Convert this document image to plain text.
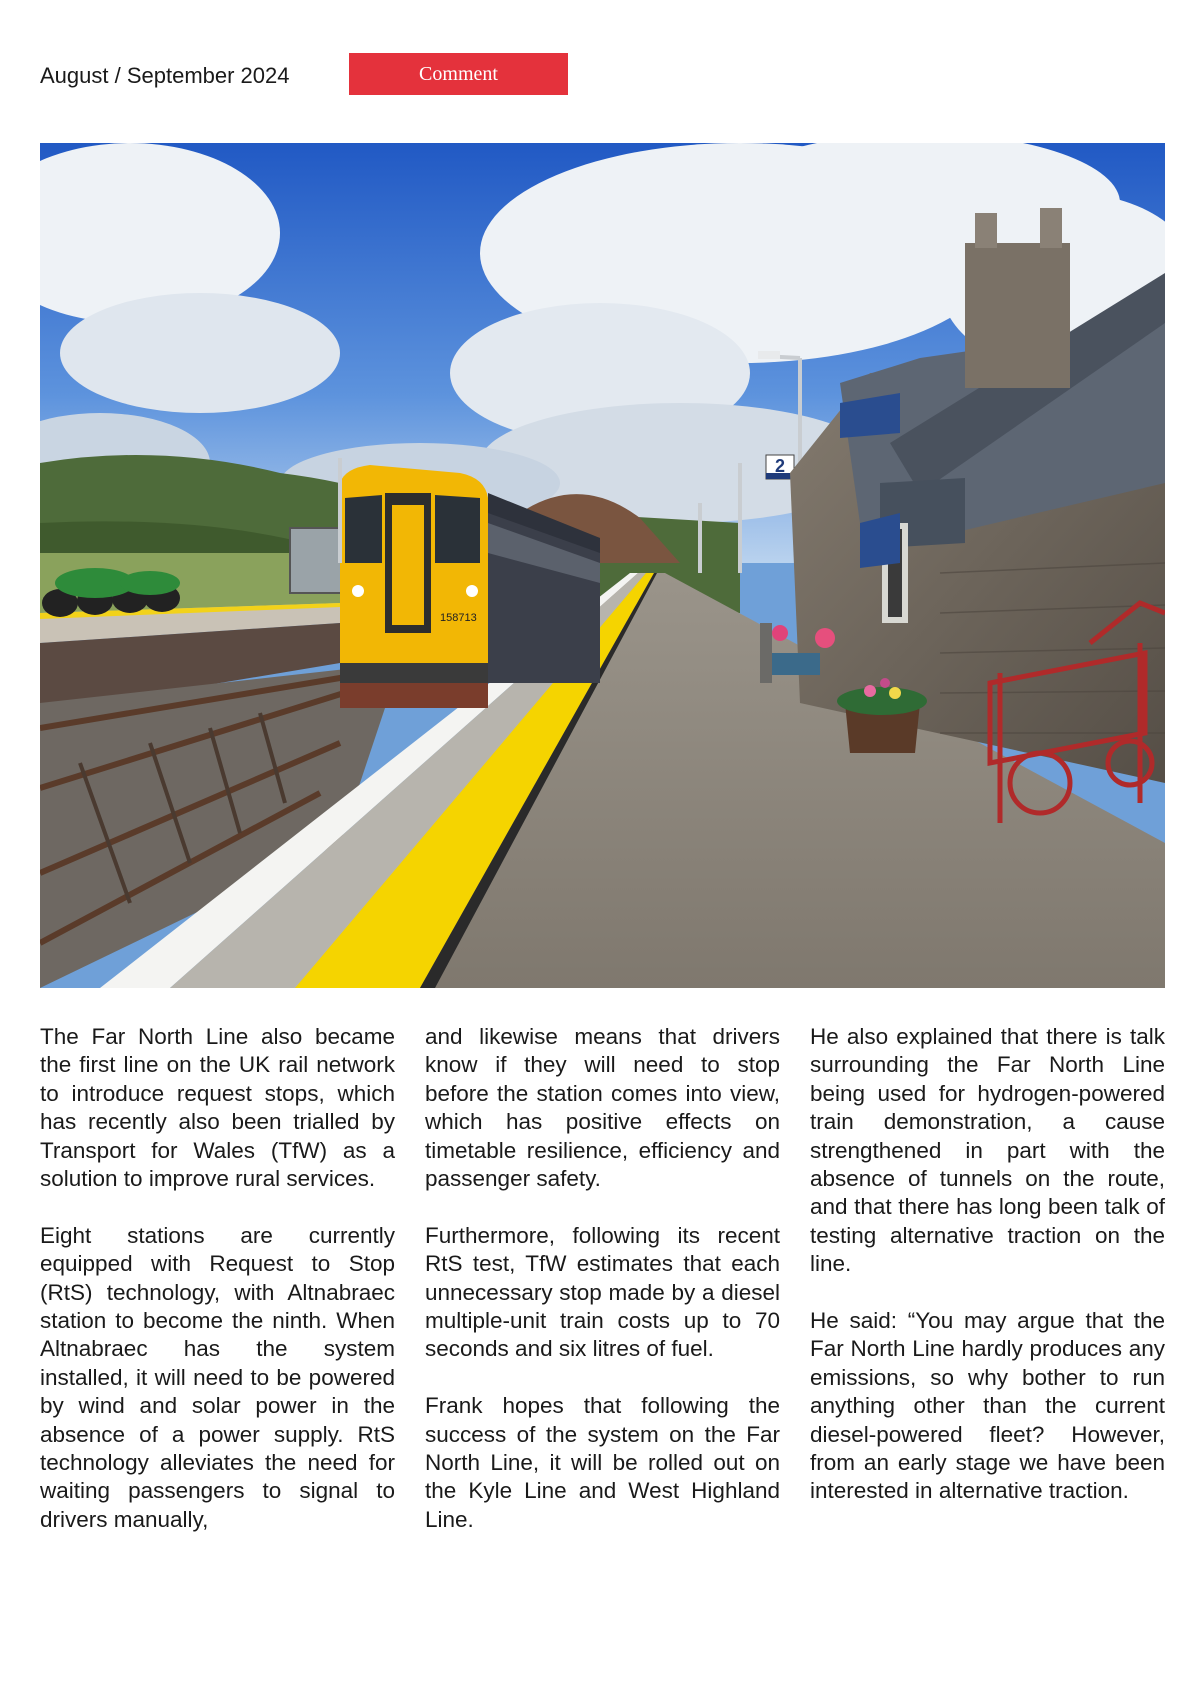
August / September 2024	Comment
158713
2

The Far North Line also became the first line on the UK rail network to introduce request stops, which has recently also been trialled by Transport for Wales (TfW) as a solution to improve rural services.

Eight stations are currently equipped with Request to Stop (RtS) technology, with Altnabraec station to become the ninth. When Altnabraec has the system installed, it will need to be powered by wind and solar power in the absence of a power supply. RtS technology alleviates the need for waiting passengers to signal to drivers manually,

and likewise means that drivers know if they will need to stop before the station comes into view, which has positive effects on timetable resilience, efficiency and passenger safety.

Furthermore, following its recent RtS test, TfW estimates that each unnecessary stop made by a diesel multiple-unit train costs up to 70 seconds and six litres of fuel.

Frank hopes that following the success of the system on the Far North Line, it will be rolled out on the Kyle Line and West Highland Line.

He also explained that there is talk surrounding the Far North Line being used for hydrogen-powered train demonstration, a cause strengthened in part with the absence of tunnels on the route, and that there has long been talk of testing alternative traction on the line.

He said: “You may argue that the Far North Line hardly produces any emissions, so why bother to run anything other than the current diesel-powered fleet? However, from an early stage we have been interested in alternative traction.
